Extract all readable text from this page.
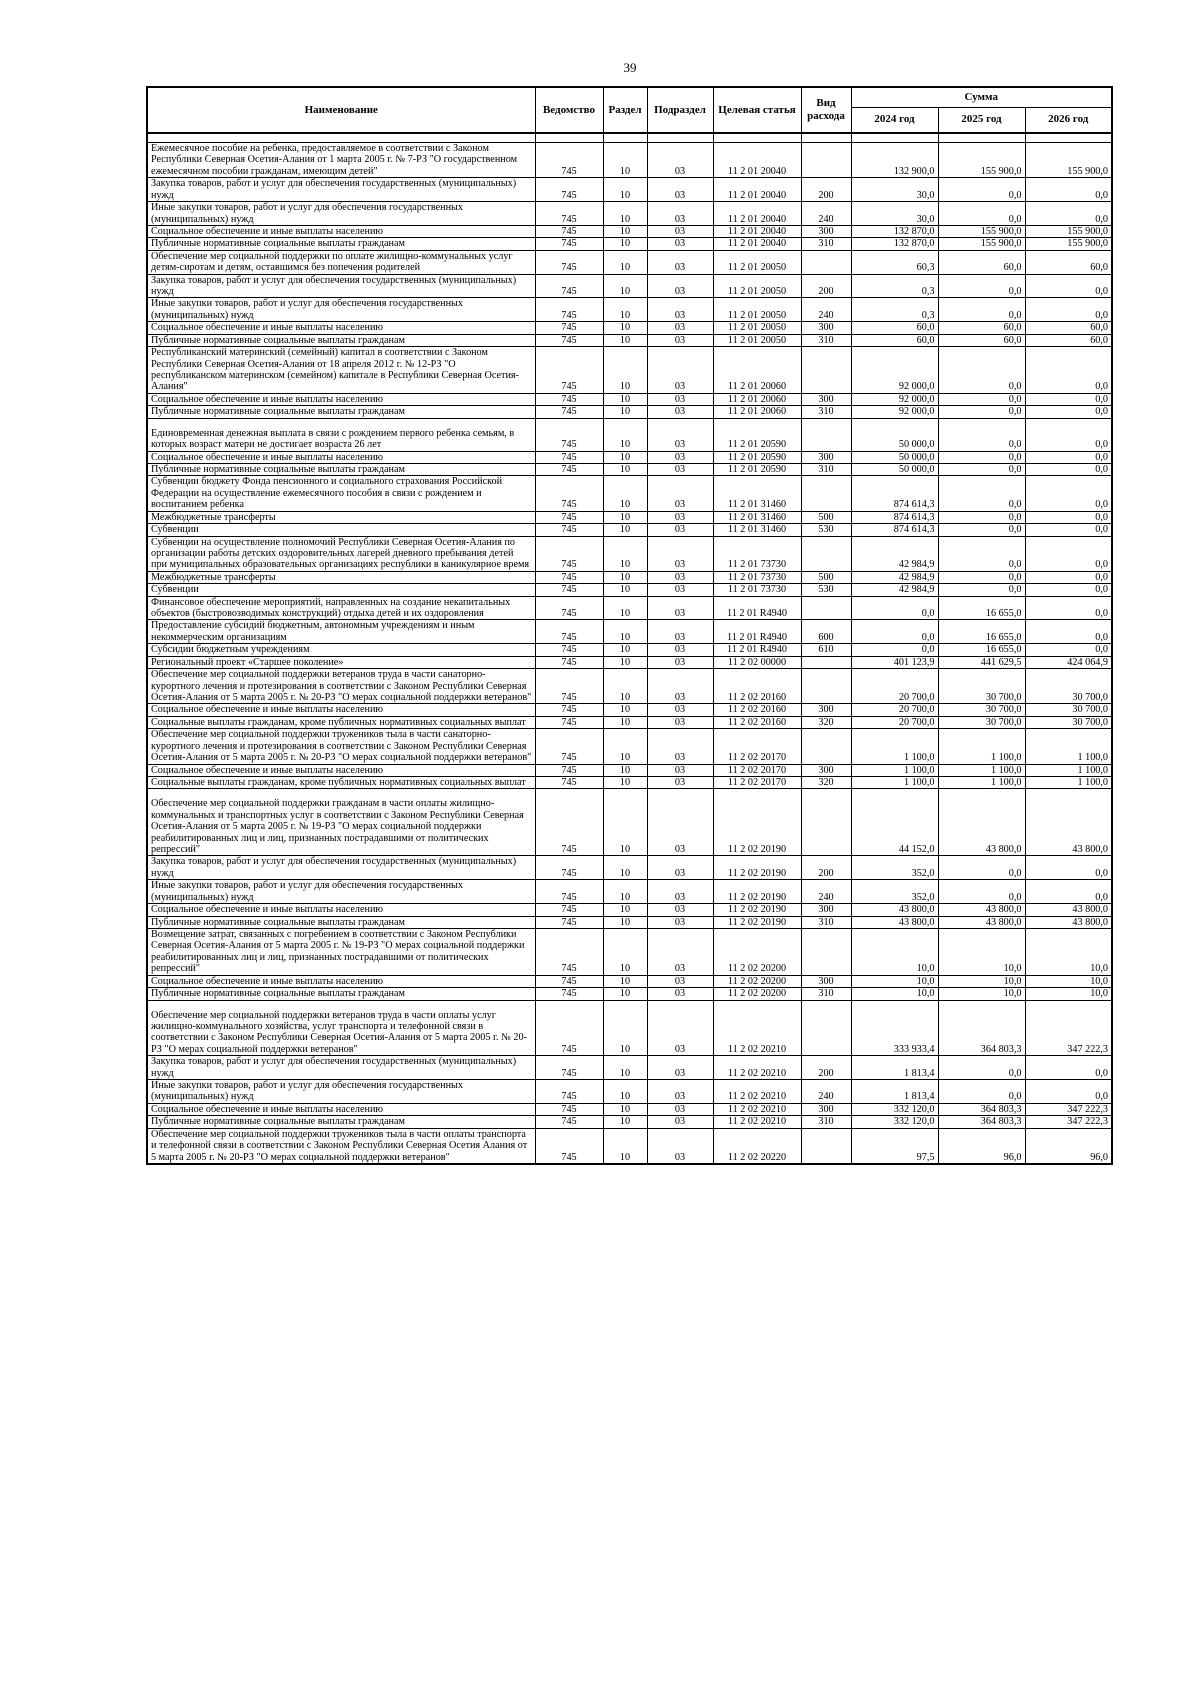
39
Наименование	Ведомство	Раздел	Подраздел	Целевая статья	Вид расхода	Сумма		
						2024 год	2025 год	2026 год

Ежемесячное пособие на ребенка, предоставляемое в соответствии с Законом Республики Северная Осетия-Алания от 1 марта 2005 г. № 7-РЗ "О государственном ежемесячном пособии гражданам, имеющим детей"	745	10	03	11 2 01 20040		132 900,0	155 900,0	155 900,0
Закупка товаров, работ и услуг для обеспечения государственных (муниципальных) нужд	745	10	03	11 2 01 20040	200	30,0	0,0	0,0
Иные закупки товаров, работ и услуг для обеспечения государственных (муниципальных) нужд	745	10	03	11 2 01 20040	240	30,0	0,0	0,0
Социальное обеспечение и иные выплаты населению	745	10	03	11 2 01 20040	300	132 870,0	155 900,0	155 900,0
Публичные нормативные социальные выплаты гражданам	745	10	03	11 2 01 20040	310	132 870,0	155 900,0	155 900,0
Обеспечение мер социальной поддержки по оплате жилищно-коммунальных услуг детям-сиротам и детям, оставшимся без попечения родителей	745	10	03	11 2 01 20050		60,3	60,0	60,0
Закупка товаров, работ и услуг для обеспечения государственных (муниципальных) нужд	745	10	03	11 2 01 20050	200	0,3	0,0	0,0
Иные закупки товаров, работ и услуг для обеспечения государственных (муниципальных) нужд	745	10	03	11 2 01 20050	240	0,3	0,0	0,0
Социальное обеспечение и иные выплаты населению	745	10	03	11 2 01 20050	300	60,0	60,0	60,0
Публичные нормативные социальные выплаты гражданам	745	10	03	11 2 01 20050	310	60,0	60,0	60,0
Республиканский материнский (семейный) капитал в соответствии с Законом Республики Северная Осетия-Алания от 18 апреля 2012 г. № 12-РЗ "О республиканском материнском (семейном) капитале в Республики Северная Осетия-Алания"	745	10	03	11 2 01 20060		92 000,0	0,0	0,0
Социальное обеспечение и иные выплаты населению	745	10	03	11 2 01 20060	300	92 000,0	0,0	0,0
Публичные нормативные социальные выплаты гражданам	745	10	03	11 2 01 20060	310	92 000,0	0,0	0,0
Единовременная денежная выплата в связи с рождением первого ребенка семьям, в которых возраст матери не достигает возраста 26 лет	745	10	03	11 2 01 20590		50 000,0	0,0	0,0
Социальное обеспечение и иные выплаты населению	745	10	03	11 2 01 20590	300	50 000,0	0,0	0,0
Публичные нормативные социальные выплаты гражданам	745	10	03	11 2 01 20590	310	50 000,0	0,0	0,0
Субвенции бюджету Фонда пенсионного и социального страхования Российской Федерации на осуществление ежемесячного пособия в связи с рождением и воспитанием ребенка	745	10	03	11 2 01 31460		874 614,3	0,0	0,0
Межбюджетные трансферты	745	10	03	11 2 01 31460	500	874 614,3	0,0	0,0
Субвенции	745	10	03	11 2 01 31460	530	874 614,3	0,0	0,0
Субвенции на осуществление полномочий Республики Северная Осетия-Алания по организации работы детских оздоровительных лагерей дневного пребывания детей при муниципальных образовательных организациях республики в каникулярное время	745	10	03	11 2 01 73730		42 984,9	0,0	0,0
Межбюджетные трансферты	745	10	03	11 2 01 73730	500	42 984,9	0,0	0,0
Субвенции	745	10	03	11 2 01 73730	530	42 984,9	0,0	0,0
Финансовое обеспечение мероприятий, направленных на создание некапитальных объектов (быстровозводимых конструкций) отдыха детей и их оздоровления	745	10	03	11 2 01 R4940		0,0	16 655,0	0,0
Предоставление субсидий бюджетным, автономным учреждениям и иным некоммерческим организациям	745	10	03	11 2 01 R4940	600	0,0	16 655,0	0,0
Субсидии бюджетным учреждениям	745	10	03	11 2 01 R4940	610	0,0	16 655,0	0,0
Региональный проект «Старшее поколение»	745	10	03	11 2 02 00000		401 123,9	441 629,5	424 064,9
Обеспечение мер социальной поддержки ветеранов труда в части санаторно-курортного лечения и протезирования в соответствии с Законом Республики Северная Осетия-Алания от 5 марта 2005 г. № 20-РЗ "О мерах социальной поддержки ветеранов"	745	10	03	11 2 02 20160		20 700,0	30 700,0	30 700,0
Социальное обеспечение и иные выплаты населению	745	10	03	11 2 02 20160	300	20 700,0	30 700,0	30 700,0
Социальные выплаты гражданам, кроме публичных нормативных социальных выплат	745	10	03	11 2 02 20160	320	20 700,0	30 700,0	30 700,0
Обеспечение мер социальной поддержки тружеников тыла в части санаторно-курортного лечения и протезирования в соответствии с Законом Республики Северная Осетия-Алания от 5 марта 2005 г. № 20-РЗ "О мерах социальной поддержки ветеранов"	745	10	03	11 2 02 20170		1 100,0	1 100,0	1 100,0
Социальное обеспечение и иные выплаты населению	745	10	03	11 2 02 20170	300	1 100,0	1 100,0	1 100,0
Социальные выплаты гражданам, кроме публичных нормативных социальных выплат	745	10	03	11 2 02 20170	320	1 100,0	1 100,0	1 100,0
Обеспечение мер социальной поддержки гражданам в части оплаты жилищно-коммунальных и транспортных услуг в соответствии с Законом Республики Северная Осетия-Алания от 5 марта 2005 г. № 19-РЗ "О мерах социальной поддержки реабилитированных лиц и лиц, признанных пострадавшими от политических репрессий"	745	10	03	11 2 02 20190		44 152,0	43 800,0	43 800,0
Закупка товаров, работ и услуг для обеспечения государственных (муниципальных) нужд	745	10	03	11 2 02 20190	200	352,0	0,0	0,0
Иные закупки товаров, работ и услуг для обеспечения государственных (муниципальных) нужд	745	10	03	11 2 02 20190	240	352,0	0,0	0,0
Социальное обеспечение и иные выплаты населению	745	10	03	11 2 02 20190	300	43 800,0	43 800,0	43 800,0
Публичные нормативные социальные выплаты гражданам	745	10	03	11 2 02 20190	310	43 800,0	43 800,0	43 800,0
Возмещение затрат, связанных с погребением в соответствии с Законом Республики Северная Осетия-Алания от 5 марта 2005 г. № 19-РЗ "О мерах социальной поддержки реабилитированных лиц и лиц, признанных пострадавшими от политических репрессий"	745	10	03	11 2 02 20200		10,0	10,0	10,0
Социальное обеспечение и иные выплаты населению	745	10	03	11 2 02 20200	300	10,0	10,0	10,0
Публичные нормативные социальные выплаты гражданам	745	10	03	11 2 02 20200	310	10,0	10,0	10,0
Обеспечение мер социальной поддержки ветеранов труда в части оплаты услуг жилищно-коммунального хозяйства, услуг транспорта и телефонной связи в соответствии с Законом Республики Северная Осетия-Алания от 5 марта 2005 г. № 20-РЗ "О мерах социальной поддержки ветеранов"	745	10	03	11 2 02 20210		333 933,4	364 803,3	347 222,3
Закупка товаров, работ и услуг для обеспечения государственных (муниципальных) нужд	745	10	03	11 2 02 20210	200	1 813,4	0,0	0,0
Иные закупки товаров, работ и услуг для обеспечения государственных (муниципальных) нужд	745	10	03	11 2 02 20210	240	1 813,4	0,0	0,0
Социальное обеспечение и иные выплаты населению	745	10	03	11 2 02 20210	300	332 120,0	364 803,3	347 222,3
Публичные нормативные социальные выплаты гражданам	745	10	03	11 2 02 20210	310	332 120,0	364 803,3	347 222,3
Обеспечение мер социальной поддержки тружеников тыла в части оплаты транспорта и телефонной связи в соответствии с Законом Республики Северная Осетия Алания от 5 марта 2005 г. № 20-РЗ "О мерах социальной поддержки ветеранов"	745	10	03	11 2 02 20220		97,5	96,0	96,0
